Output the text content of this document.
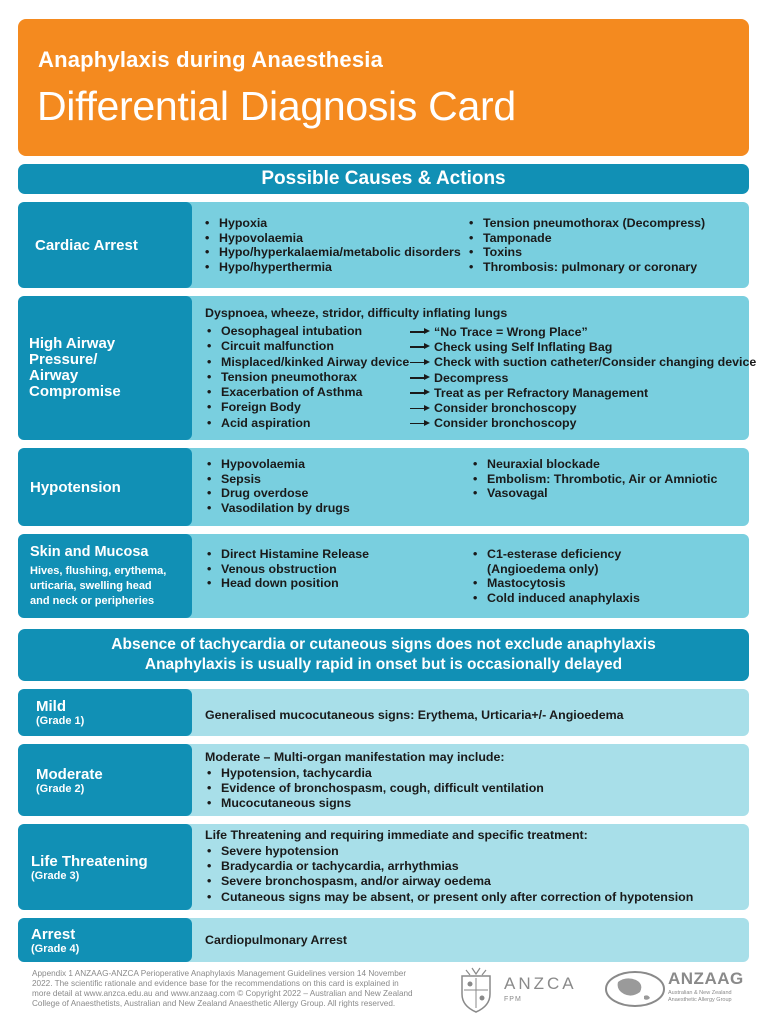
Anaphylaxis during Anaesthesia
Differential Diagnosis Card
Possible Causes & Actions
Cardiac Arrest
• Hypoxia
• Hypovolaemia
• Hypo/hyperkalaemia/metabolic disorders
• Hypo/hyperthermia
• Tension pneumothorax (Decompress)
• Tamponade
• Toxins
• Thrombosis: pulmonary or coronary
High Airway
Pressure/
Airway
Compromise
Dyspnoea, wheeze, stridor, difficulty inflating lungs
• Oesophageal intubation
• Circuit malfunction
• Misplaced/kinked Airway device
• Tension pneumothorax
• Exacerbation of Asthma
• Foreign Body
• Acid aspiration
“No Trace = Wrong Place”
Check using Self Inflating Bag
Check with suction catheter/Consider changing device
Decompress
Treat as per Refractory Management
Consider bronchoscopy
Consider bronchoscopy
Hypotension
• Hypovolaemia
• Sepsis
• Drug overdose
• Vasodilation by drugs
• Neuraxial blockade
• Embolism: Thrombotic, Air or Amniotic
• Vasovagal
Skin and Mucosa
Hives, flushing, erythema,
urticaria, swelling head
and neck or peripheries
• Direct Histamine Release
• Venous obstruction
• Head down position
• C1-esterase deficiency
(Angioedema only)
• Mastocytosis
• Cold induced anaphylaxis
Absence of tachycardia or cutaneous signs does not exclude anaphylaxis
Anaphylaxis is usually rapid in onset but is occasionally delayed
Mild
(Grade 1)	Generalised mucocutaneous signs: Erythema, Urticaria+/- Angioedema
Moderate
(Grade 2)
Moderate – Multi-organ manifestation may include:
• Hypotension, tachycardia
• Evidence of bronchospasm, cough, difficult ventilation
• Mucocutaneous signs
Life Threatening
(Grade 3)
Life Threatening and requiring immediate and specific treatment:
• Severe hypotension
• Bradycardia or tachycardia, arrhythmias
• Severe bronchospasm, and/or airway oedema
• Cutaneous signs may be absent, or present only after correction of hypotension
Arrest
(Grade 4)
Cardiopulmonary Arrest
Appendix 1 ANZAAG-ANZCA Perioperative Anaphylaxis Management Guidelines version 14 November
2022. The scientific rationale and evidence base for the recommendations on this card is explained in
more detail at www.anzca.edu.au and www.anzaag.com © Copyright 2022 – Australian and New Zealand
College of Anaesthetists, Australian and New Zealand Anaesthetic Allergy Group. All rights reserved.
ANZCA
FPM
ANZAAG
Australian & New Zealand
Anaesthetic Allergy Group
